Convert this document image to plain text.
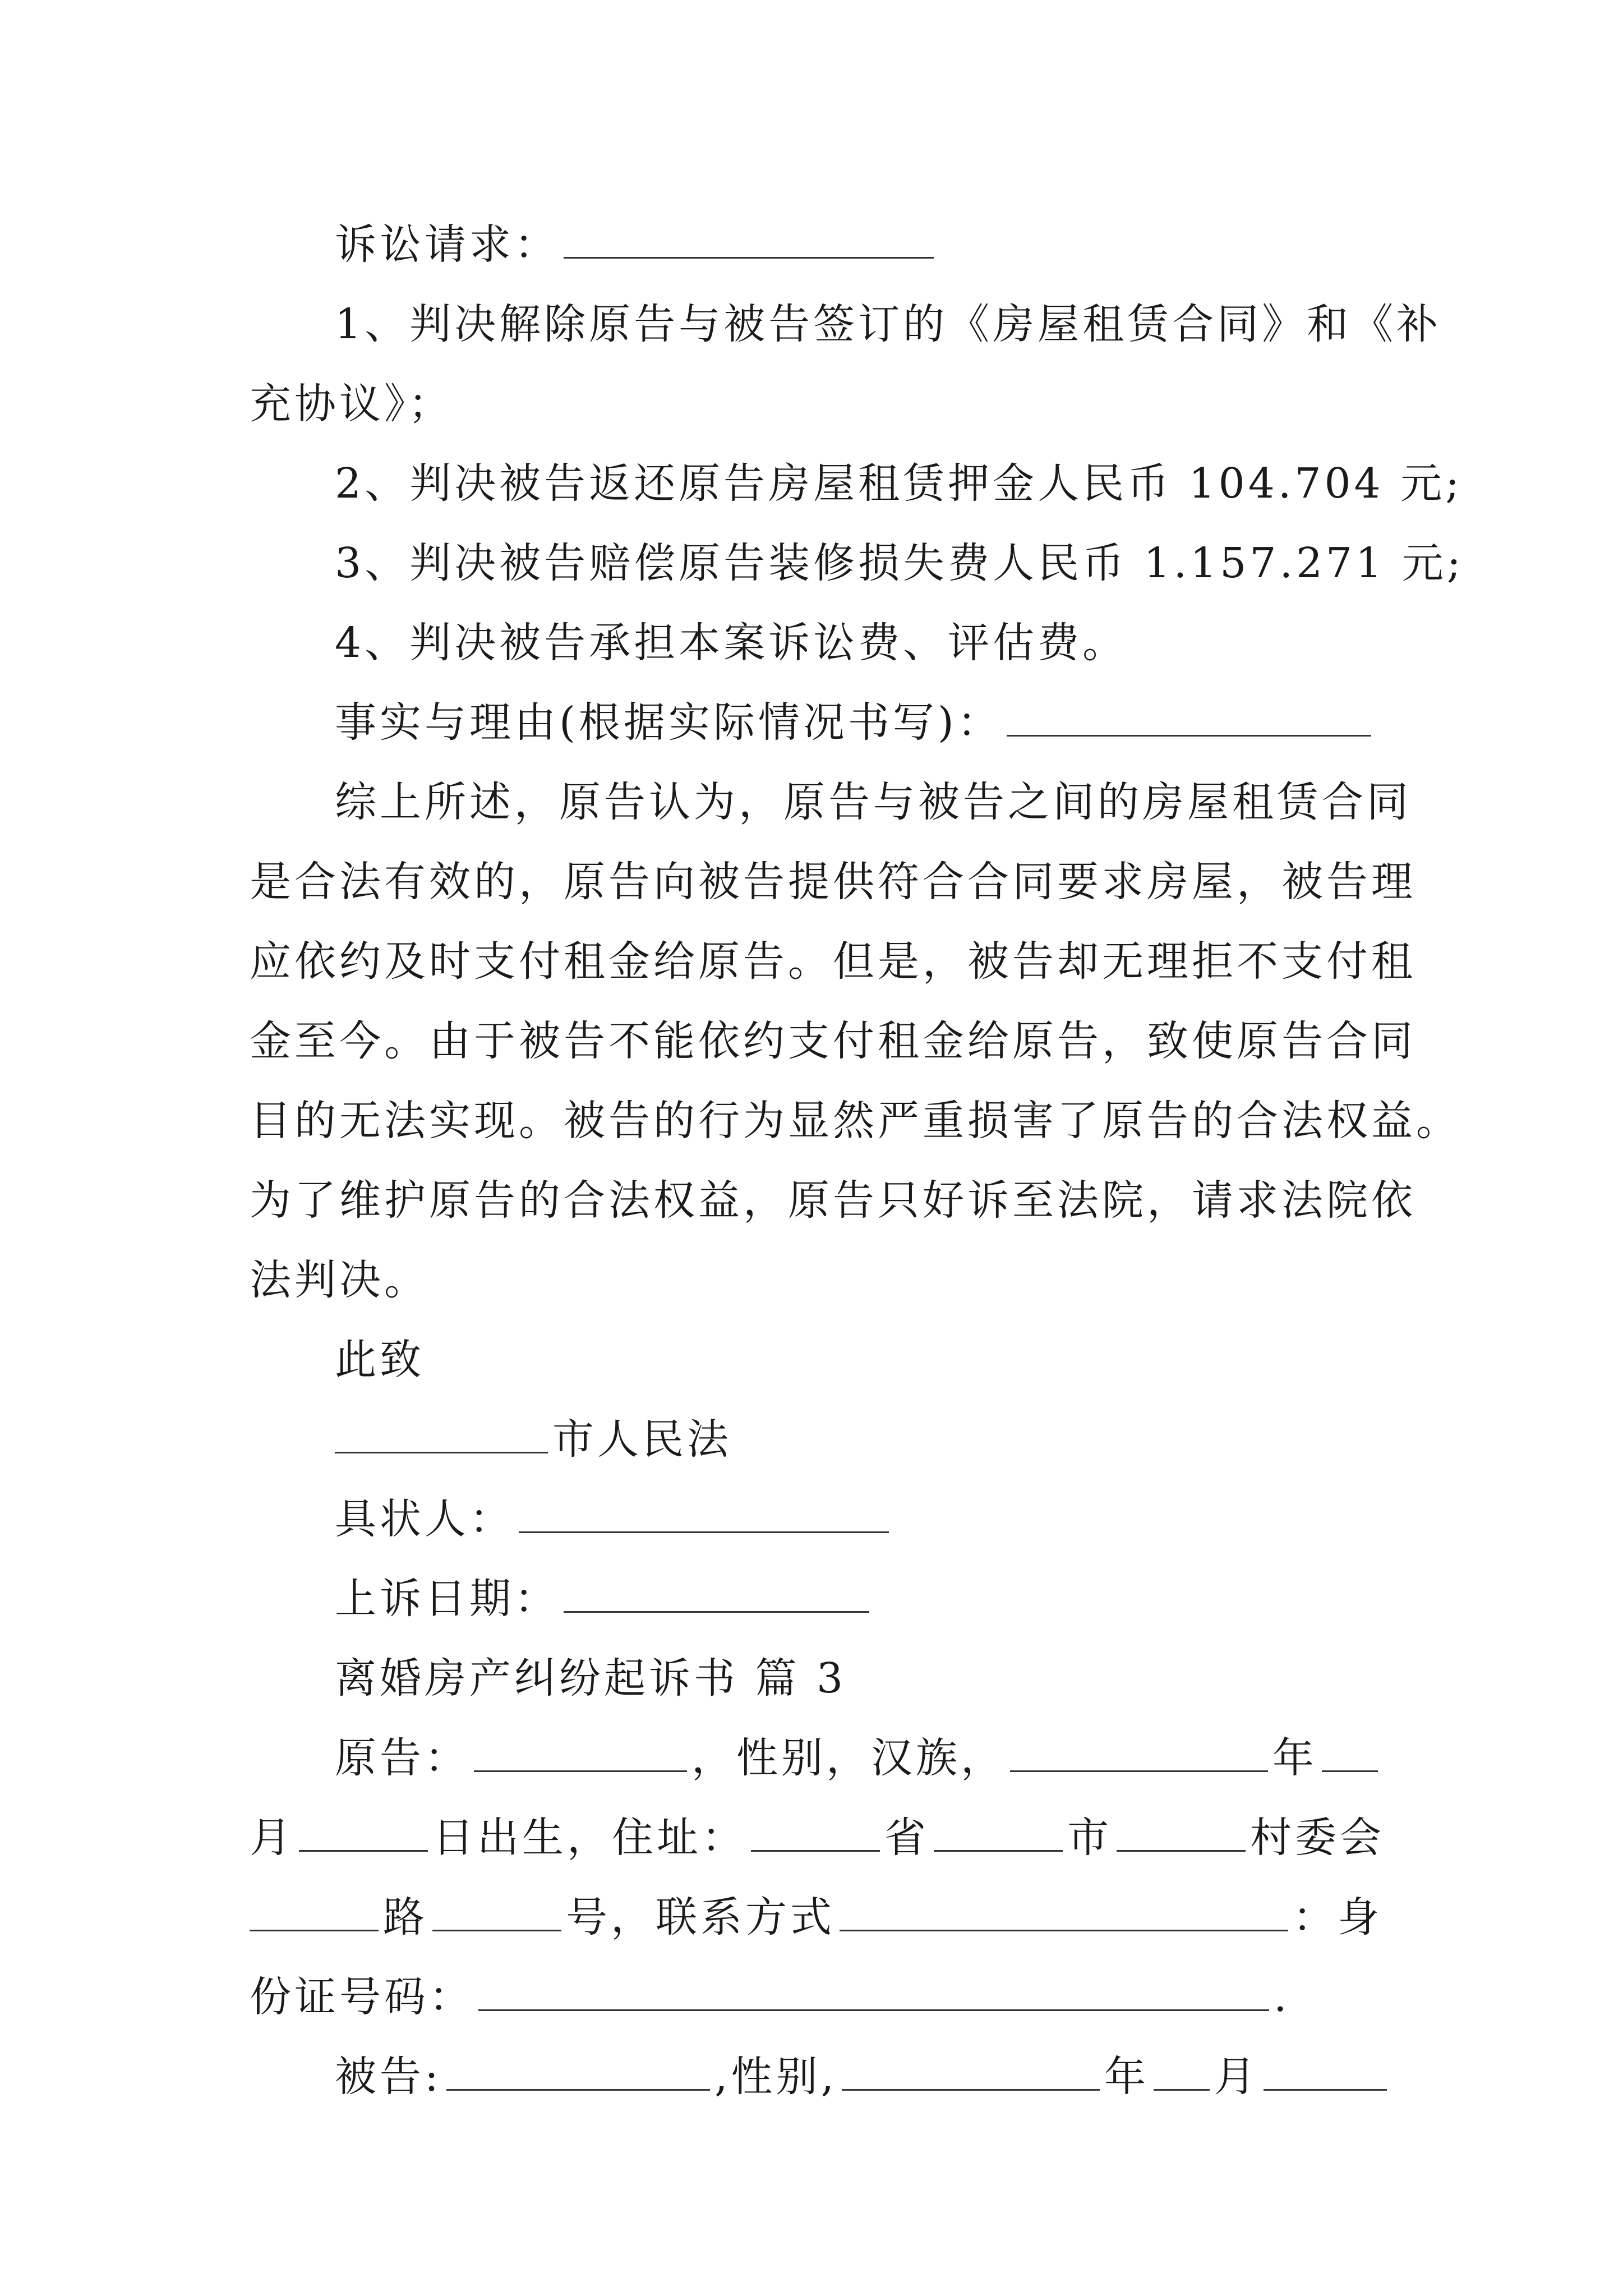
诉讼请求：
1、判决解除原告与被告签订的《房屋租赁合同》和《补
充协议》；
2、判决被告返还原告房屋租赁押金人民币 104.704 元;
3、判决被告赔偿原告装修损失费人民币 1.157.271 元;
4、判决被告承担本案诉讼费、评估费。
事实与理由(根据实际情况书写)：
综上所述，原告认为，原告与被告之间的房屋租赁合同
是合法有效的，原告向被告提供符合合同要求房屋，被告理
应依约及时支付租金给原告。但是，被告却无理拒不支付租
金至今。由于被告不能依约支付租金给原告，致使原告合同
目的无法实现。被告的行为显然严重损害了原告的合法权益。
为了维护原告的合法权益，原告只好诉至法院，请求法院依
法判决。
此致
市人民法
具状人：
上诉日期：
离婚房产纠纷起诉书 篇 3
原告：	，性别，汉族，	年
月	日出生，住址：	省	市	村委会
路	号，联系方式	：身
份证号码：	.
被告:	,性别,	年 月
